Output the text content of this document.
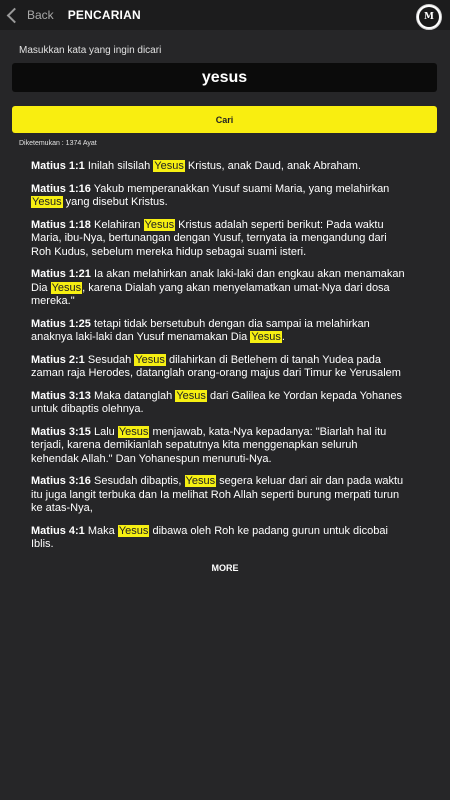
Back PENCARIAN	M
Masukkan kata yang ingin dicari
yesus
Cari
Diketemukan : 1374 Ayat
Matius 1:1 Inilah silsilah Yesus Kristus, anak Daud, anak Abraham.
Matius 1:16 Yakub memperanakkan Yusuf suami Maria, yang melahirkan Yesus yang disebut Kristus.
Matius 1:18 Kelahiran Yesus Kristus adalah seperti berikut: Pada waktu Maria, ibu-Nya, bertunangan dengan Yusuf, ternyata ia mengandung dari Roh Kudus, sebelum mereka hidup sebagai suami isteri.
Matius 1:21 Ia akan melahirkan anak laki-laki dan engkau akan menamakan Dia Yesus, karena Dialah yang akan menyelamatkan umat-Nya dari dosa mereka."
Matius 1:25 tetapi tidak bersetubuh dengan dia sampai ia melahirkan anaknya laki-laki dan Yusuf menamakan Dia Yesus.
Matius 2:1 Sesudah Yesus dilahirkan di Betlehem di tanah Yudea pada zaman raja Herodes, datanglah orang-orang majus dari Timur ke Yerusalem
Matius 3:13 Maka datanglah Yesus dari Galilea ke Yordan kepada Yohanes untuk dibaptis olehnya.
Matius 3:15 Lalu Yesus menjawab, kata-Nya kepadanya: "Biarlah hal itu terjadi, karena demikianlah sepatutnya kita menggenapkan seluruh kehendak Allah." Dan Yohanespun menuruti-Nya.
Matius 3:16 Sesudah dibaptis, Yesus segera keluar dari air dan pada waktu itu juga langit terbuka dan Ia melihat Roh Allah seperti burung merpati turun ke atas-Nya,
Matius 4:1 Maka Yesus dibawa oleh Roh ke padang gurun untuk dicobai Iblis.
MORE
